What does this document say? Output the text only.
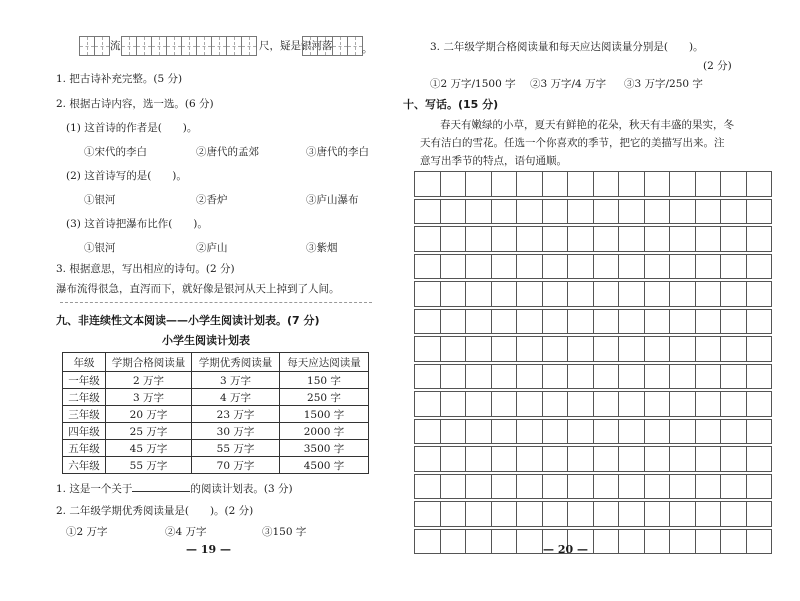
流	尺，疑是银河落	。
1. 把古诗补充完整。(5 分)
2. 根据古诗内容，选一选。(6 分)
(1) 这首诗的作者是(　　)。
①宋代的李白	②唐代的孟郊	③唐代的李白
(2) 这首诗写的是(　　)。
①银河	②香炉	③庐山瀑布
(3) 这首诗把瀑布比作(　　)。
①银河	②庐山	③紫烟
3. 根据意思，写出相应的诗句。(2 分)
瀑布流得很急，直泻而下，就好像是银河从天上掉到了人间。
九、非连续性文本阅读——小学生阅读计划表。(7 分)
小学生阅读计划表
年级	学期合格阅读量	学期优秀阅读量	每天应达阅读量
一年级	2 万字	3 万字	150 字
二年级	3 万字	4 万字	250 字
三年级	20 万字	23 万字	1500 字
四年级	25 万字	30 万字	2000 字
五年级	45 万字	55 万字	3500 字
六年级	55 万字	70 万字	4500 字
1. 这是一个关于	的阅读计划表。(3 分)
2. 二年级学期优秀阅读量是(　　)。(2 分)
①2 万字	②4 万字	③150 字
— 19 —
3. 二年级学期合格阅读量和每天应达阅读量分别是(　　)。
(2 分)
①2 万字/1500 字 ②3 万字/4 万字 ③3 万字/250 字
十、写话。(15 分)
春天有嫩绿的小草，夏天有鲜艳的花朵，秋天有丰盛的果实，冬
天有洁白的雪花。任选一个你喜欢的季节，把它的美描写出来。注
意写出季节的特点，语句通顺。

— 20 —
